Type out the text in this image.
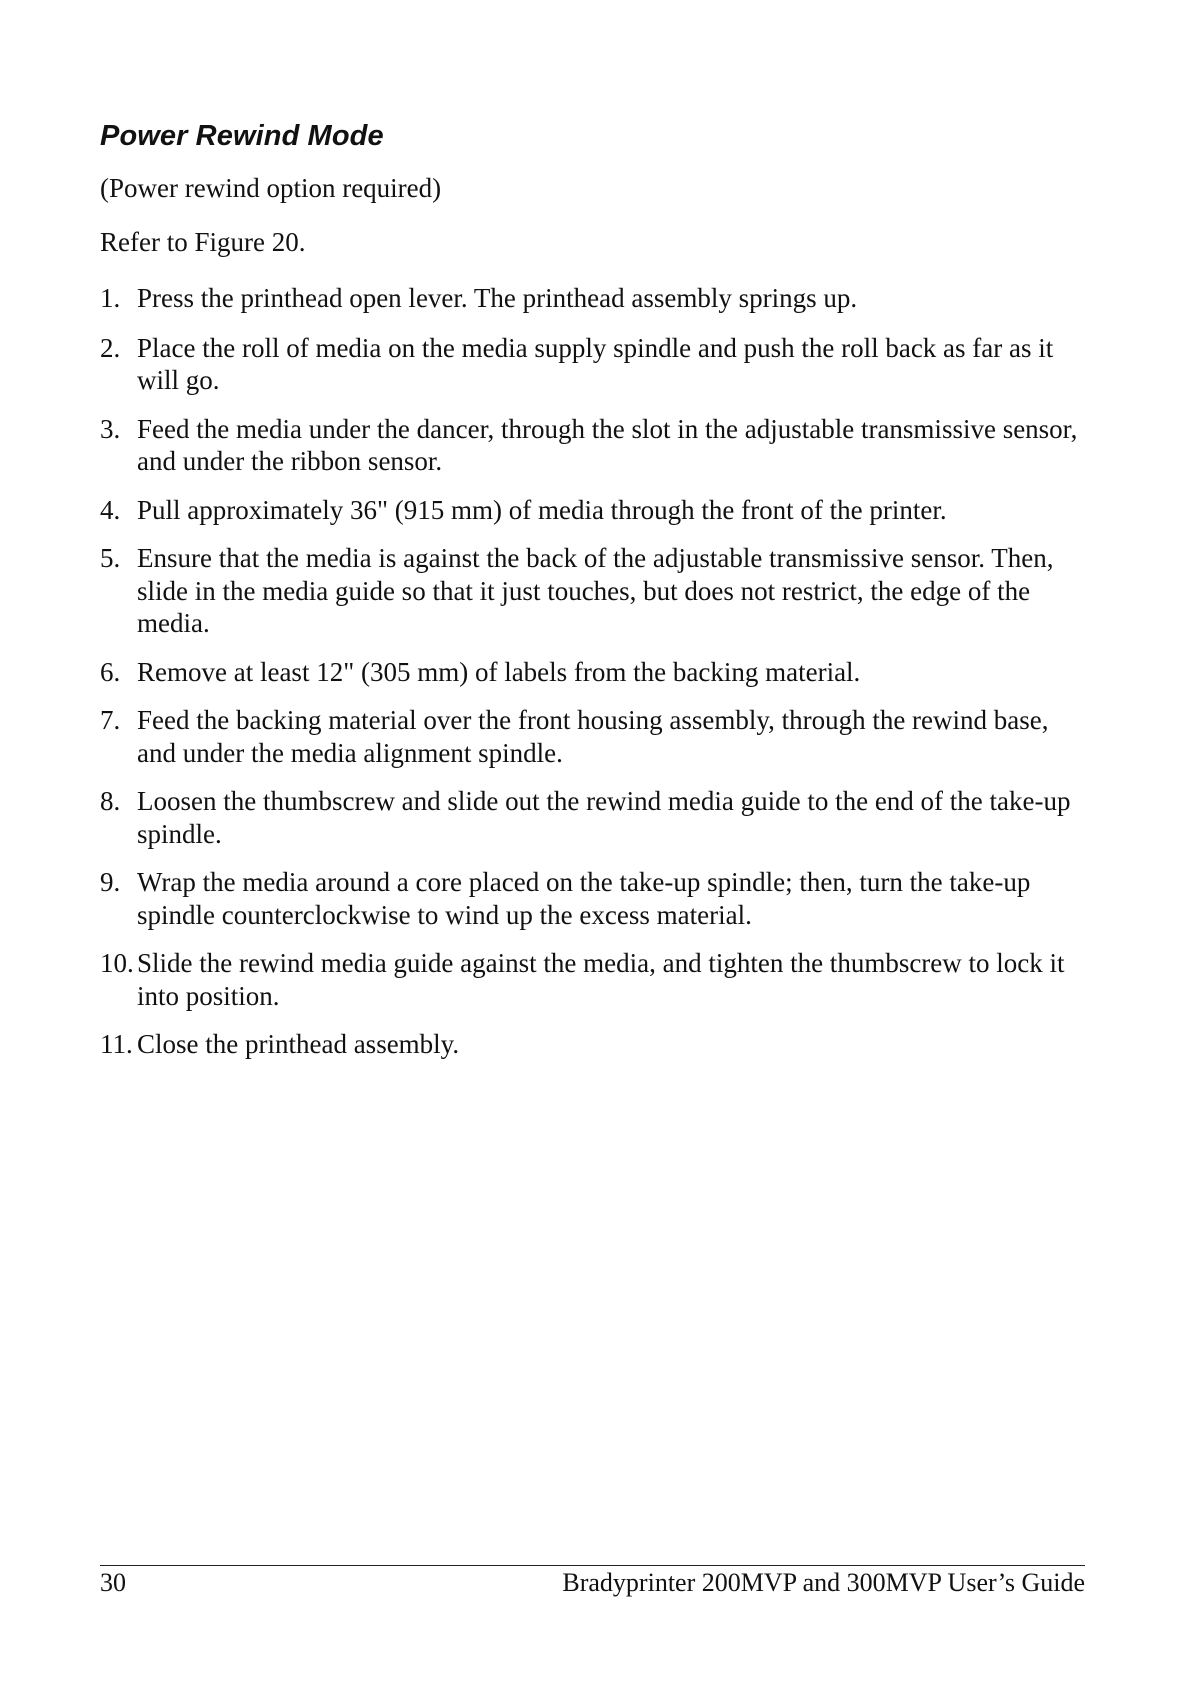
Power Rewind Mode

(Power rewind option required)

Refer to Figure 20.

1. Press the printhead open lever. The printhead assembly springs up.
2. Place the roll of media on the media supply spindle and push the roll back as far as it will go.
3. Feed the media under the dancer, through the slot in the adjustable transmissive sensor, and under the ribbon sensor.
4. Pull approximately 36" (915 mm) of media through the front of the printer.
5. Ensure that the media is against the back of the adjustable transmissive sensor. Then, slide in the media guide so that it just touches, but does not restrict, the edge of the media.
6. Remove at least 12" (305 mm) of labels from the backing material.
7. Feed the backing material over the front housing assembly, through the rewind base, and under the media alignment spindle.
8. Loosen the thumbscrew and slide out the rewind media guide to the end of the take-up spindle.
9. Wrap the media around a core placed on the take-up spindle; then, turn the take-up spindle counterclockwise to wind up the excess material.
10. Slide the rewind media guide against the media, and tighten the thumbscrew to lock it into position.
11. Close the printhead assembly.
30	Bradyprinter 200MVP and 300MVP User’s Guide
